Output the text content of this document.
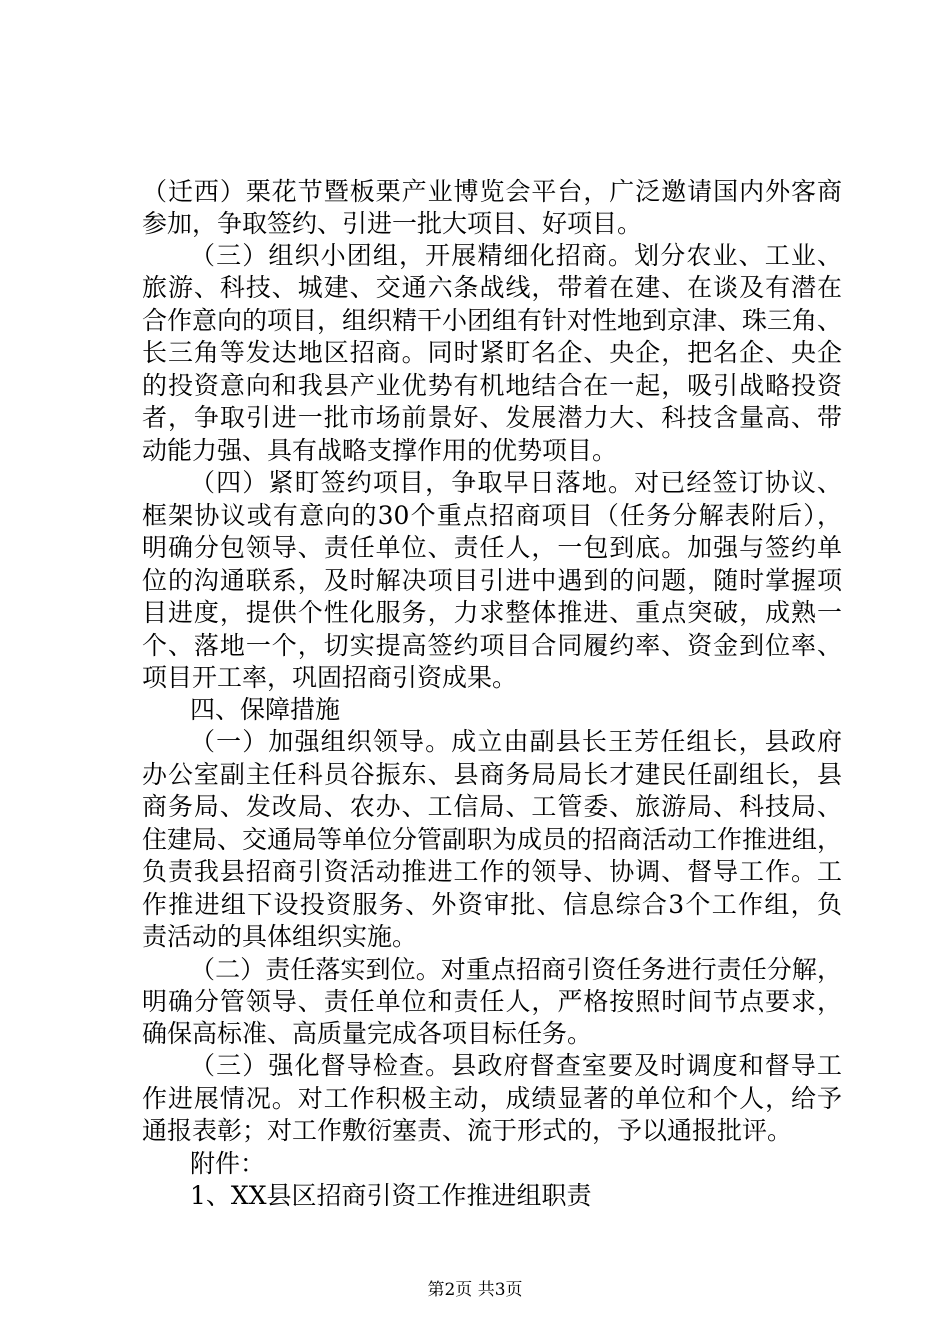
（迁西）栗花节暨板栗产业博览会平台，广泛邀请国内外客商
参加，争取签约、引进一批大项目、好项目。
（三）组织小团组，开展精细化招商。划分农业、工业、
旅游、科技、城建、交通六条战线，带着在建、在谈及有潜在
合作意向的项目，组织精干小团组有针对性地到京津、珠三角、
长三角等发达地区招商。同时紧盯名企、央企，把名企、央企
的投资意向和我县产业优势有机地结合在一起，吸引战略投资
者，争取引进一批市场前景好、发展潜力大、科技含量高、带
动能力强、具有战略支撑作用的优势项目。
（四）紧盯签约项目，争取早日落地。对已经签订协议、
框架协议或有意向的30个重点招商项目（任务分解表附后），
明确分包领导、责任单位、责任人，一包到底。加强与签约单
位的沟通联系，及时解决项目引进中遇到的问题，随时掌握项
目进度，提供个性化服务，力求整体推进、重点突破，成熟一
个、落地一个，切实提高签约项目合同履约率、资金到位率、
项目开工率，巩固招商引资成果。
四、保障措施
（一）加强组织领导。成立由副县长王芳任组长，县政府
办公室副主任科员谷振东、县商务局局长才建民任副组长，县
商务局、发改局、农办、工信局、工管委、旅游局、科技局、
住建局、交通局等单位分管副职为成员的招商活动工作推进组，
负责我县招商引资活动推进工作的领导、协调、督导工作。工
作推进组下设投资服务、外资审批、信息综合3个工作组，负
责活动的具体组织实施。
（二）责任落实到位。对重点招商引资任务进行责任分解，
明确分管领导、责任单位和责任人，严格按照时间节点要求，
确保高标准、高质量完成各项目标任务。
（三）强化督导检查。县政府督查室要及时调度和督导工
作进展情况。对工作积极主动，成绩显著的单位和个人，给予
通报表彰；对工作敷衍塞责、流于形式的，予以通报批评。
附件：
1、XX县区招商引资工作推进组职责
第2页 共3页
